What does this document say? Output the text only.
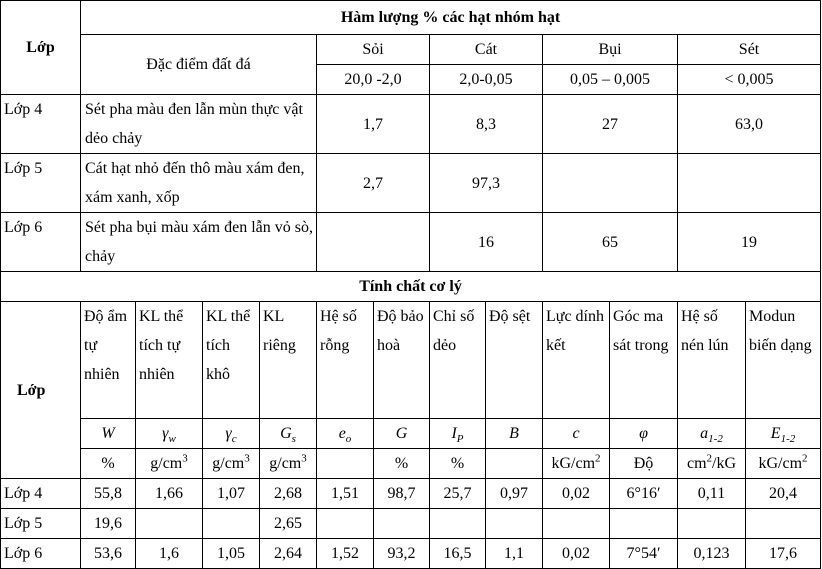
Lớp	Hàm lượng % các hạt nhóm hạt											
	Đặc điểm đất đá				Sỏi		Cát		Bụi		Sét	
					20,0 -2,0		2,0-0,05		0,05 – 0,005		< 0,005	
Lớp 4	Sét pha màu đen lẫn mùn thực vật dẻo chảy				1,7		8,3		27		63,0	
Lớp 5	Cát hạt nhỏ đến thô màu xám đen, xám xanh, xốp				2,7		97,3					
Lớp 6	Sét pha bụi màu xám đen lẫn vỏ sò, chảy						16		65		19	
Tính chất cơ lý												
Lớp	Độ ẩm tự nhiên	KL thể tích tự nhiên	KL thể tích khô	KL riêng	Hệ số rỗng	Độ bảo hoà	Chỉ số dẻo	Độ sệt	Lực dính kết	Góc ma sát trong	Hệ số nén lún	Modun biến dạng
	W	$\gamma_w$	$\gamma_c$	$G_s$	$e_o$	G	$I_P$	B	c	φ	$a_{1-2}$	$E_{1-2}$
	%	$g/cm^3$	$g/cm^3$	$g/cm^3$		%	%		$kG/cm^2$	Độ	$cm^2/kG$	$kG/cm^2$
Lớp 4	55,8	1,66	1,07	2,68	1,51	98,7	25,7	0,97	0,02	6°16′	0,11	20,4
Lớp 5	19,6			2,65								
Lớp 6	53,6	1,6	1,05	2,64	1,52	93,2	16,5	1,1	0,02	7°54′	0,123	17,6
